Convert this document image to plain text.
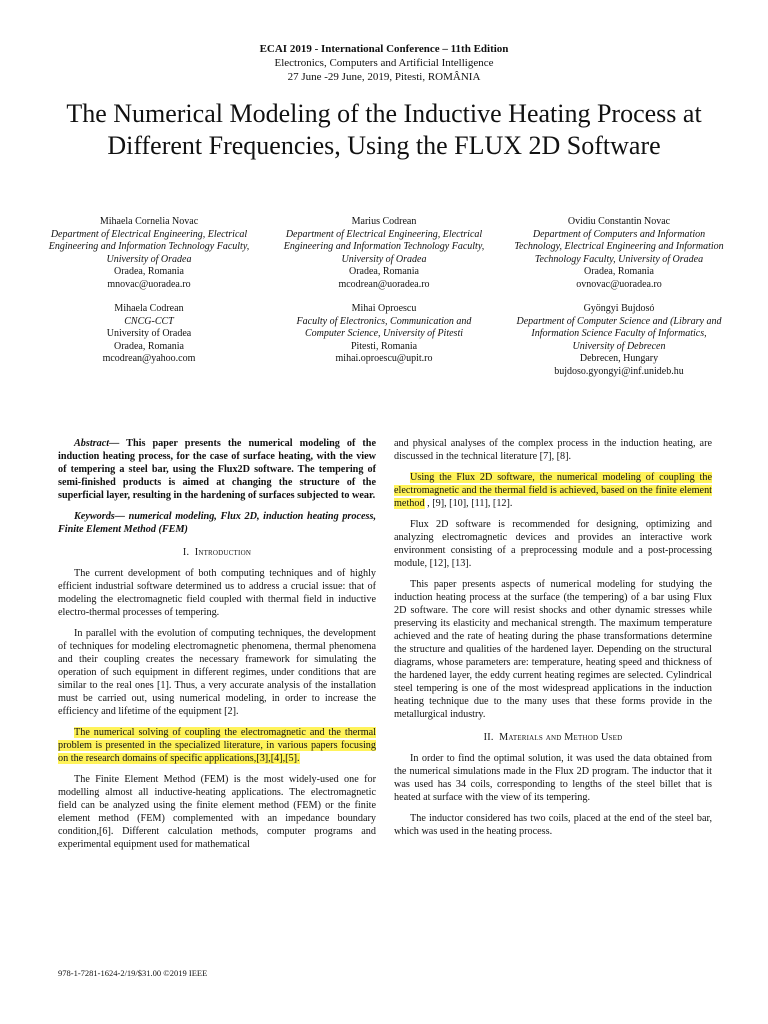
ECAI 2019 - International Conference – 11th Edition
Electronics, Computers and Artificial Intelligence
27 June -29 June, 2019, Pitesti, ROMÂNIA
The Numerical Modeling of the Inductive Heating Process at Different Frequencies, Using the FLUX 2D Software
Mihaela Cornelia Novac
Department of Electrical Engineering, Electrical Engineering and Information Technology Faculty, University of Oradea
Oradea, Romania
mnovac@uoradea.ro
Marius Codrean
Department of Electrical Engineering, Electrical Engineering and Information Technology Faculty, University of Oradea
Oradea, Romania
mcodrean@uoradea.ro
Ovidiu Constantin Novac
Department of Computers and Information Technology, Electrical Engineering and Information Technology Faculty, University of Oradea
Oradea, Romania
ovnovac@uoradea.ro
Mihaela Codrean
CNCG-CCT
University of Oradea
Oradea, Romania
mcodrean@yahoo.com
Mihai Oproescu
Faculty of Electronics, Communication and Computer Science, University of Pitesti
Pitesti, Romania
mihai.oproescu@upit.ro
Gyöngyi Bujdosó
Department of Computer Science and (Library and Information Science Faculty of Informatics, University of Debrecen
Debrecen, Hungary
bujdoso.gyongyi@inf.unideb.hu

Abstract— This paper presents the numerical modeling of the induction heating process, for the case of surface heating, with the view of tempering a steel bar, using the Flux2D software. The tempering of semi-finished products is aimed at changing the structure of the superficial layer, resulting in the hardening of surfaces subjected to wear.

Keywords— numerical modeling, Flux 2D, induction heating process, Finite Element Method (FEM)

I. Introduction

The current development of both computing techniques and of highly efficient industrial software determined us to address a crucial issue: that of modeling the electromagnetic field coupled with thermal field in inductive electro-thermal processes of tempering.

In parallel with the evolution of computing techniques, the development of techniques for modeling electromagnetic phenomena, thermal phenomena and their coupling creates the necessary framework for simulating the operation of such equipment in different regimes, under conditions that are similar to the real ones [1]. Thus, a very accurate analysis of the installation must be carried out, using numerical modeling, in order to increase the efficiency and lifetime of the equipment [2].

The numerical solving of coupling the electromagnetic and the thermal problem is presented in the specialized literature, in various papers focusing on the research domains of specific applications,[3],[4],[5].

The Finite Element Method (FEM) is the most widely-used one for modelling almost all inductive-heating applications. The electromagnetic field can be analyzed using the finite element method (FEM) or the finite element method (FEM) complemented with an impedance boundary condition,[6]. Different calculation methods, computer programs and experimental equipment used for mathematical

and physical analyses of the complex process in the induction heating, are discussed in the technical literature [7], [8].

Using the Flux 2D software, the numerical modeling of coupling the electromagnetic and the thermal field is achieved, based on the finite element method , [9], [10], [11], [12].

Flux 2D software is recommended for designing, optimizing and analyzing electromagnetic devices and provides an interactive work environment consisting of a preprocessing module and a post-processing module, [12], [13].

This paper presents aspects of numerical modeling for studying the induction heating process at the surface (the tempering) of a bar using Flux 2D software. The core will resist shocks and other dynamic stresses while preserving its elasticity and mechanical strength. The maximum temperature achieved and the rate of heating during the phase transformations determine the structure and qualities of the hardened layer. Depending on the structural diagrams, whose parameters are: temperature, heating speed and thickness of the hardened layer, the eddy current heating regimes are selected. Cylindrical steel tempering is one of the most widespread applications in the induction heating technique due to the many uses that these forms provide in the metallurgical industry.

II. Materials and Method Used

In order to find the optimal solution, it was used the data obtained from the numerical simulations made in the Flux 2D program. The inductor that it was used has 34 coils, corresponding to lengths of the steel billet that is heated at surface with the view of its tempering.

The inductor considered has two coils, placed at the end of the steel bar, which was used in the heating process.

978-1-7281-1624-2/19/$31.00 ©2019 IEEE
